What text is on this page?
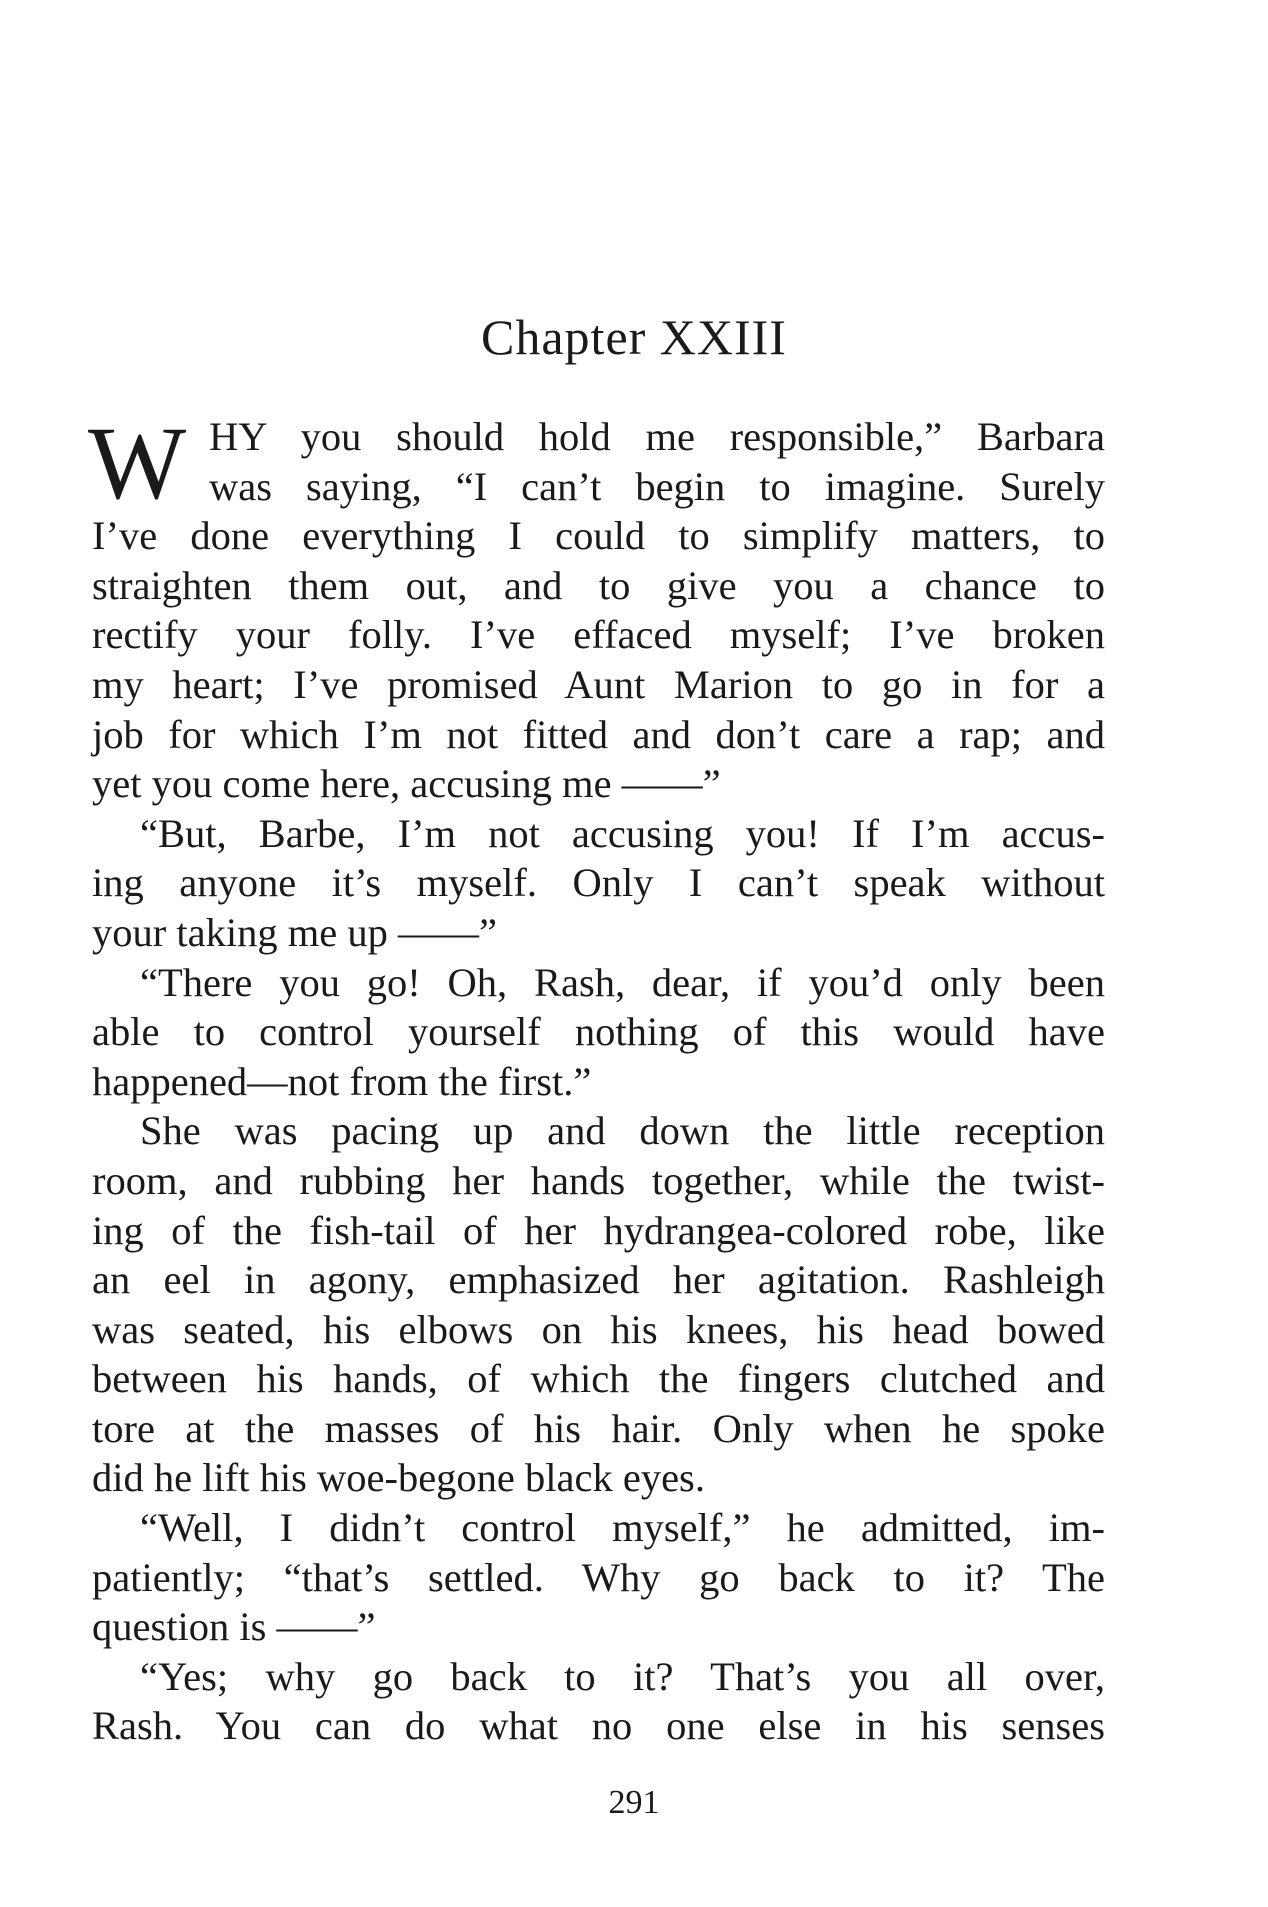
Chapter XXIII
W HY you should hold me responsible,” Barbara
was saying, “I can’t begin to imagine. Surely
I’ve done everything I could to simplify matters, to
straighten them out, and to give you a chance to
rectify your folly. I’ve effaced myself; I’ve broken
my heart; I’ve promised Aunt Marion to go in for a
job for which I’m not fitted and don’t care a rap; and
yet you come here, accusing me ——”
“But, Barbe, I’m not accusing you! If I’m accus-
ing anyone it’s myself. Only I can’t speak without
your taking me up ——”
“There you go! Oh, Rash, dear, if you’d only been
able to control yourself nothing of this would have
happened—not from the first.”
She was pacing up and down the little reception
room, and rubbing her hands together, while the twist-
ing of the fish-tail of her hydrangea-colored robe, like
an eel in agony, emphasized her agitation. Rashleigh
was seated, his elbows on his knees, his head bowed
between his hands, of which the fingers clutched and
tore at the masses of his hair. Only when he spoke
did he lift his woe-begone black eyes.
“Well, I didn’t control myself,” he admitted, im-
patiently; “that’s settled. Why go back to it? The
question is ——”
“Yes; why go back to it? That’s you all over,
Rash. You can do what no one else in his senses
291
